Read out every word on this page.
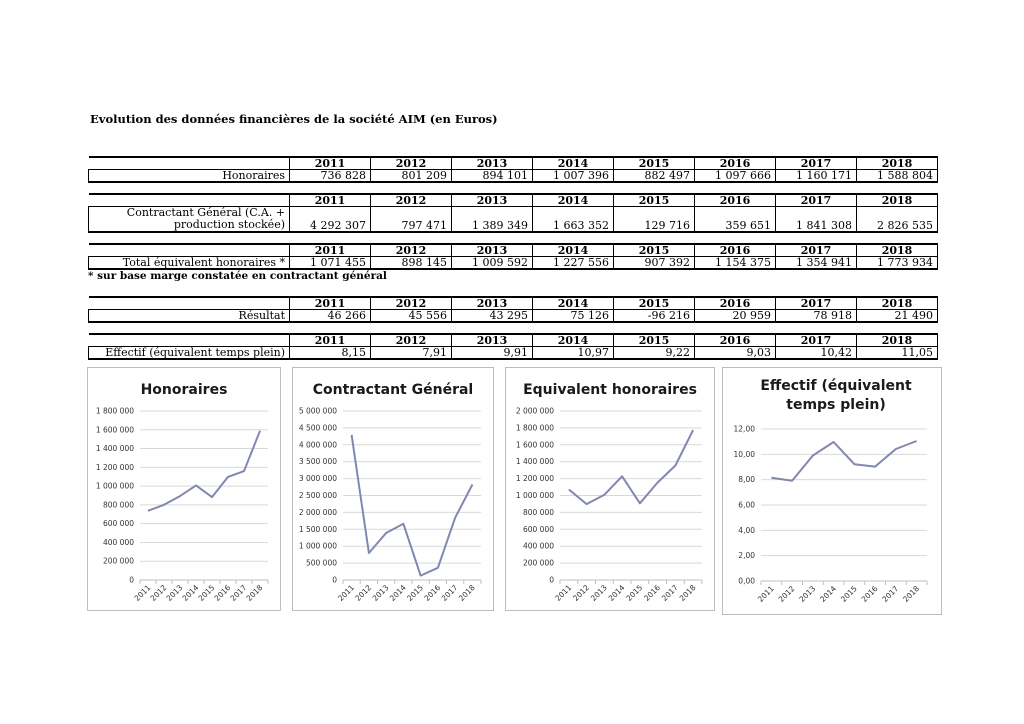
Evolution des données financières de la société AIM (en Euros)
	2011	2012	2013	2014	2015	2016	2017	2018
Honoraires	736 828	801 209	894 101	1 007 396	882 497	1 097 666	1 160 171	1 588 804
	2011	2012	2013	2014	2015	2016	2017	2018
Contractant Général (C.A. +
production stockée)	4 292 307	797 471	1 389 349	1 663 352	129 716	359 651	1 841 308	2 826 535
	2011	2012	2013	2014	2015	2016	2017	2018
Total équivalent honoraires *	1 071 455	898 145	1 009 592	1 227 556	907 392	1 154 375	1 354 941	1 773 934
* sur base marge constatée en contractant général
	2011	2012	2013	2014	2015	2016	2017	2018
Résultat	46 266	45 556	43 295	75 126	-96 216	20 959	78 918	21 490
	2011	2012	2013	2014	2015	2016	2017	2018
Effectif (équivalent temps plein)	8,15	7,91	9,91	10,97	9,22	9,03	10,42	11,05
Honoraires
0
200 000
400 000
600 000
800 000
1 000 000
1 200 000
1 400 000
1 600 000
1 800 000
2011
2012
2013
2014
2015
2016
2017
2018
Contractant Général
0
500 000
1 000 000
1 500 000
2 000 000
2 500 000
3 000 000
3 500 000
4 000 000
4 500 000
5 000 000
2011
2012
2013
2014
2015
2016
2017
2018
Equivalent honoraires
0
200 000
400 000
600 000
800 000
1 000 000
1 200 000
1 400 000
1 600 000
1 800 000
2 000 000
2011
2012
2013
2014
2015
2016
2017
2018
Effectif (équivalent
temps plein)
0,00
2,00
4,00
6,00
8,00
10,00
12,00
2011 2012 2013 2014 2015 2016 2017 2018
